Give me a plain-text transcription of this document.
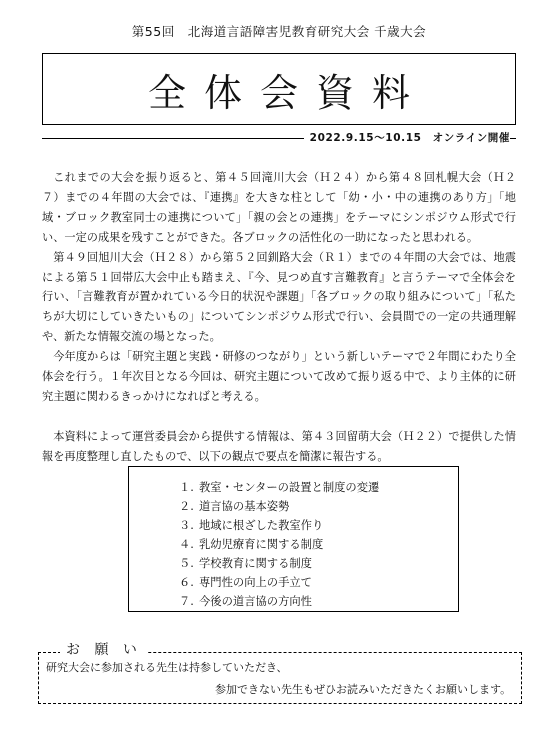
第55回　北海道言語障害児教育研究大会 千歳大会
全体会資料
2022.9.15～10.15　オンライン開催

これまでの大会を振り返ると、第４５回滝川大会（Ｈ２４）から第４８回札幌大会（Ｈ２７）までの４年間の大会では、『連携』を大きな柱として「幼・小・中の連携のあり方」「地域・ブロック教室同士の連携について」「親の会との連携」をテーマにシンポジウム形式で行い、一定の成果を残すことができた。各ブロックの活性化の一助になったと思われる。

第４９回旭川大会（Ｈ２８）から第５２回釧路大会（Ｒ１）までの４年間の大会では、地震による第５１回帯広大会中止も踏まえ、『今、見つめ直す言難教育』と言うテーマで全体会を行い、「言難教育が置かれている今日的状況や課題」「各ブロックの取り組みについて」「私たちが大切にしていきたいもの」についてシンポジウム形式で行い、会員間での一定の共通理解や、新たな情報交流の場となった。

今年度からは「研究主題と実践・研修のつながり」という新しいテーマで２年間にわたり全体会を行う。１年次目となる今回は、研究主題について改めて振り返る中で、より主体的に研究主題に関わるきっかけになればと考える。

本資料によって運営委員会から提供する情報は、第４３回留萌大会（Ｈ２２）で提供した情報を再度整理し直したもので、以下の観点で要点を簡潔に報告する。

１. 教室・センターの設置と制度の変遷
２. 道言協の基本姿勢
３. 地域に根ざした教室作り
４. 乳幼児療育に関する制度
５. 学校教育に関する制度
６. 専門性の向上の手立て
７. 今後の道言協の方向性
お 願 い
研究大会に参加される先生は持参していただき、
参加できない先生もぜひお読みいただきたくお願いします。
